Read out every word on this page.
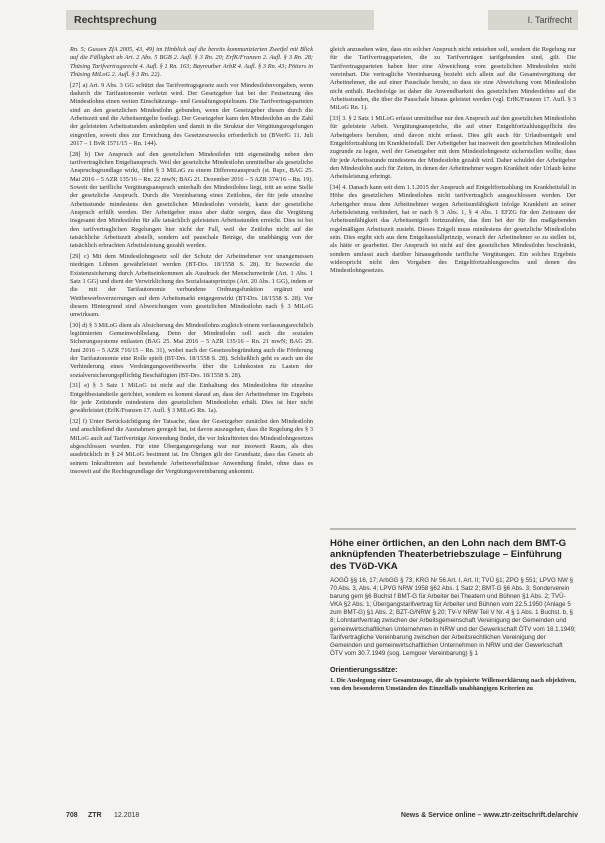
Rechtsprechung	I. Tarifrecht

Rn. 5; Gussen ZfA 2005, 43, 49) im Hinblick auf die bereits kommunizierten Zweifel mit Blick auf die Fälligkeit ab Art. 2 Abs. 5 BGB 2. Aufl. § 3 Rn. 20; ErfK/Franzen 2. Aufl. § 3 Rn. 28; Thüsing Tarifvertragsrecht 4. Aufl. § 1 Rn. 163; Bayreuther ArbR 4. Aufl. § 3 Rn. 43; Pötters in Thüsing MiLoG 2. Aufl. § 3 Rn. 22).

[27] a) Art. 9 Abs. 3 GG schützt das Tarifvertragsgesetz auch vor Mindestlohnvorgaben, wenn dadurch die Tarifautonomie verletzt wird. Der Gesetzgeber hat bei der Festsetzung des Mindestlohns einen weiten Einschätzungs- und Gestaltungsspielraum. Die Tarifvertragsparteien sind an den gesetzlichen Mindestlohn gebunden, wenn der Gesetzgeber diesen durch die Arbeitszeit und die Arbeitsentgelte festlegt. Der Gesetzgeber kann den Mindestlohn an die Zahl der geleisteten Arbeitsstunden anknüpfen und damit in die Struktur der Vergütungsregelungen eingreifen, soweit dies zur Erreichung des Gesetzeszwecks erforderlich ist (BVerfG 11. Juli 2017 – 1 BvR 1571/15 – Rn. 144).

[28] b) Der Anspruch auf den gesetzlichen Mindestlohn tritt eigenständig neben den tarifvertraglichen Entgeltanspruch. Weil der gesetzliche Mindestlohn unmittelbar als gesetzliche Anspruchsgrundlage wirkt, führt § 3 MiLoG zu einem Differenzanspruch (st. Rspr., BAG 25. Mai 2016 – 5 AZR 135/16 – Rn. 22 mwN; BAG 21. Dezember 2016 – 5 AZR 374/16 – Rn. 19). Soweit der tarifliche Vergütungsanspruch unterhalb des Mindestlohns liegt, tritt an seine Stelle der gesetzliche Anspruch. Durch die Vereinbarung eines Zeitlohns, der für jede einzelne Arbeitsstunde mindestens den gesetzlichen Mindestlohn vorsieht, kann der gesetzliche Anspruch erfüllt werden. Der Arbeitgeber muss aber dafür sorgen, dass die Vergütung insgesamt den Mindestlohn für alle tatsächlich geleisteten Arbeitsstunden erreicht. Dies ist bei den tarifvertraglichen Regelungen hier nicht der Fall, weil der Zeitlohn nicht auf die tatsächliche Arbeitszeit abstellt, sondern auf pauschale Beträge, die unabhängig von der tatsächlich erbrachten Arbeitsleistung gezahlt werden.

[29] c) Mit dem Mindestlohngesetz soll der Schutz der Arbeitnehmer vor unangemessen niedrigen Löhnen gewährleistet werden (BT-Drs. 18/1558 S. 28). Er bezweckt die Existenzsicherung durch Arbeitseinkommen als Ausdruck der Menschenwürde (Art. 1 Abs. 1 Satz 1 GG) und dient der Verwirklichung des Sozialstaatsprinzips (Art. 20 Abs. 1 GG), indem er die mit der Tarifautonomie verbundene Ordnungsfunktion ergänzt und Wettbewerbsverzerrungen auf dem Arbeitsmarkt entgegenwirkt (BT-Drs. 18/1558 S. 28). Vor diesem Hintergrund sind Abweichungen vom gesetzlichen Mindestlohn nach § 3 MiLoG unwirksam.

[30] d) § 3 MiLoG dient als Absicherung des Mindestlohns zugleich einem verfassungsrechtlich legitimierten Gemeinwohlbelang. Denn der Mindestlohn soll auch die sozialen Sicherungssysteme entlasten (BAG 25. Mai 2016 – 5 AZR 135/16 – Rn. 21 mwN; BAG 29. Juni 2016 – 5 AZR 716/15 – Rn. 31), wobei nach der Gesetzesbegründung auch die Förderung der Tarifautonomie eine Rolle spielt (BT-Drs. 18/1558 S. 28). Schließlich geht es auch um die Verhinderung eines Verdrängungswettbewerbs über die Lohnkosten zu Lasten der sozialversicherungspflichtig Beschäftigten (BT-Drs. 18/1558 S. 28).

[31] e) § 3 Satz 1 MiLoG ist nicht auf die Einhaltung des Mindestlohns für einzelne Entgeltbestandteile gerichtet, sondern es kommt darauf an, dass der Arbeitnehmer im Ergebnis für jede Zeitstunde mindestens den gesetzlichen Mindestlohn erhält. Dies ist hier nicht gewährleistet (ErfK/Franzen 17. Aufl. § 3 MiLoG Rn. 1a).

[32] f) Unter Berücksichtigung der Tatsache, dass der Gesetzgeber zunächst den Mindestlohn und anschließend die Ausnahmen geregelt hat, ist davon auszugehen, dass die Regelung des § 3 MiLoG auch auf Tarifverträge Anwendung findet, die vor Inkrafttreten des Mindestlohngesetzes abgeschlossen wurden. Für eine Übergangsregelung war nur insoweit Raum, als dies ausdrücklich in § 24 MiLoG bestimmt ist. Im Übrigen gilt der Grundsatz, dass das Gesetz ab seinem Inkrafttreten auf bestehende Arbeitsverhältnisse Anwendung findet, ohne dass es insoweit auf die Rechtsgrundlage der Vergütungsvereinbarung ankommt.

gleich anzusehen wäre, dass ein solcher Anspruch nicht entstehen soll, sondern die Regelung nur für die Tarifvertragsparteien, die zu Tarifverträgen tarifgebunden sind, gilt. Die Tarifvertragsparteien haben hier eine Abweichung vom gesetzlichen Mindestlohn nicht vereinbart. Die vertragliche Vereinbarung bezieht sich allein auf die Gesamtvergütung der Arbeitnehmer, die auf einer Pauschale beruht, so dass sie eine Abweichung vom Mindestlohn nicht enthält. Rechtsfolge ist daher die Anwendbarkeit des gesetzlichen Mindestlohns auf die Arbeitsstunden, die über die Pauschale hinaus geleistet werden (vgl. ErfK/Franzen 17. Aufl. § 3 MiLoG Rn. 1).

[33] 3. § 2 Satz 1 MiLoG erfasst unmittelbar nur den Anspruch auf den gesetzlichen Mindestlohn für geleistete Arbeit. Vergütungsansprüche, die auf einer Entgeltfortzahlungspflicht des Arbeitgebers beruhen, sind davon nicht erfasst. Dies gilt auch für Urlaubsentgelt und Entgeltfortzahlung im Krankheitsfall. Der Arbeitgeber hat insoweit den gesetzlichen Mindestlohn zugrunde zu legen, weil der Gesetzgeber mit dem Mindestlohngesetz sicherstellen wollte, dass für jede Arbeitsstunde mindestens der Mindestlohn gezahlt wird. Daher schuldet der Arbeitgeber den Mindestlohn auch für Zeiten, in denen der Arbeitnehmer wegen Krankheit oder Urlaub keine Arbeitsleistung erbringt.

[34] 4. Danach kann seit dem 1.1.2015 der Anspruch auf Entgeltfortzahlung im Krankheitsfall in Höhe des gesetzlichen Mindestlohns nicht tarifvertraglich ausgeschlossen werden. Der Arbeitgeber muss dem Arbeitnehmer wegen Arbeitsunfähigkeit infolge Krankheit an seiner Arbeitsleistung verhindert, hat er nach § 3 Abs. 1, § 4 Abs. 1 EFZG für den Zeitraum der Arbeitsunfähigkeit das Arbeitsentgelt fortzuzahlen, das ihm bei der für ihn maßgebenden regelmäßigen Arbeitszeit zusteht. Dieses Entgelt muss mindestens der gesetzliche Mindestlohn sein. Dies ergibt sich aus dem Entgeltausfallprinzip, wonach der Arbeitnehmer so zu stellen ist, als hätte er gearbeitet. Der Anspruch ist nicht auf den gesetzlichen Mindestlohn beschränkt, sondern umfasst auch darüber hinausgehende tarifliche Vergütungen. Ein solches Ergebnis widerspricht nicht den Vorgaben des Entgeltfortzahlungsrechts und denen des Mindestlohngesetzes.

Höhe einer örtlichen, an den Lohn nach dem BMT-G anknüpfenden Theaterbetriebszulage – Einführung des TVöD-VKA

AOGÖ §§ 16, 17; ArbGG § 73; KRG Nr 56 Art. I, Art. II; TVÜ §1; ZPO § 551; LPVG NW § 70 Abs. 3, Abs. 4; LPVG NRW 1958 §62 Abs. 1 Satz 2; BMT-G §6 Abs. 3; Sonderverein barung gem §6 Buchst f BMT-G für Arbeiter bei Theatern und Bühnen §1 Abs. 2; TVÜ-VKA §2 Abs. 1; Übergangstarifvertrag für Arbeiter und Bühnen vom 22.5.1950 (Anlage 5 zum BMT-G) §1 Abs. 2; BZT-G/NRW § 20; TV-V NRW Teil V Nr. 4 § 1 Abs. 1 Buchst. b, § 8; Lohntarifvertrag zwischen der Arbeitsgemeinschaft Vereinigung der Gemeinden und gemeinwirtschaftlichen Unternehmen in NRW und der Gewerkschaft ÖTV vom 18.1.1949; Tarifvertragliche Vereinbarung zwischen der Arbeitsrechtlichen Vereinigung der Gemeinden und gemeinwirtschaftlichen Unternehmen in NRW und der Gewerkschaft ÖTV vom 30.7.1949 (sog. Lemgoer Vereinbarung) § 1

Orientierungssätze:

1. Die Auslegung einer Gesamtzusage, die als typisierte Willenserklärung nach objektiven, von den besonderen Umständen des Einzelfalls unabhängigen Kriterien zu

708 ZTR 12.2018	News & Service online – www.ztr-zeitschrift.de/archiv
